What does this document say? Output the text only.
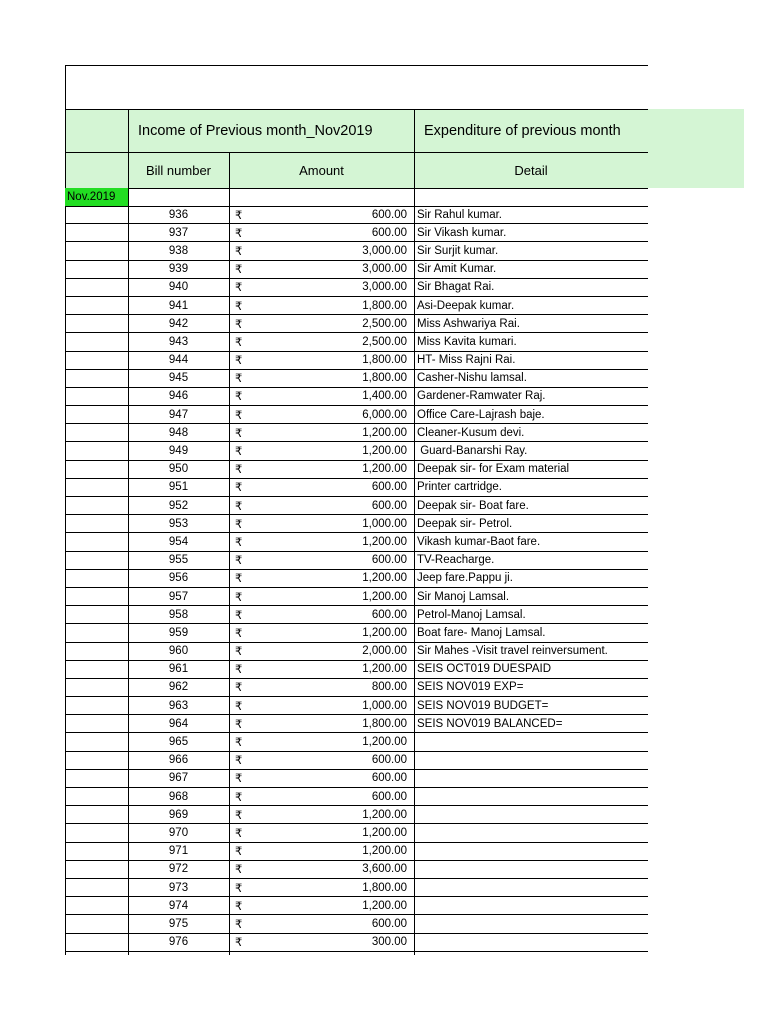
Income of Previous month_Nov2019	Expenditure of previous month
Bill number	Amount	Detail
Nov.2019
936	₹	600.00 Sir Rahul kumar.
937	₹	600.00 Sir Vikash kumar.
938	₹	3,000.00 Sir Surjit kumar.
939	₹	3,000.00 Sir Amit Kumar.
940	₹	3,000.00 Sir Bhagat Rai.
941	₹	1,800.00 Asi-Deepak kumar.
942	₹	2,500.00 Miss Ashwariya Rai.
943	₹	2,500.00 Miss Kavita kumari.
944	₹	1,800.00 HT- Miss Rajni Rai.
945	₹	1,800.00 Casher-Nishu lamsal.
946	₹	1,400.00 Gardener-Ramwater Raj.
947	₹	6,000.00 Office Care-Lajrash baje.
948	₹	1,200.00 Cleaner-Kusum devi.
949	₹	1,200.00 Guard-Banarshi Ray.
950	₹	1,200.00 Deepak sir- for Exam material
951	₹	600.00 Printer cartridge.
952	₹	600.00 Deepak sir- Boat fare.
953	₹	1,000.00 Deepak sir- Petrol.
954	₹	1,200.00 Vikash kumar-Baot fare.
955	₹	600.00 TV-Reacharge.
956	₹	1,200.00 Jeep fare.Pappu ji.
957	₹	1,200.00 Sir Manoj Lamsal.
958	₹	600.00 Petrol-Manoj Lamsal.
959	₹	1,200.00 Boat fare- Manoj Lamsal.
960	₹	2,000.00 Sir Mahes -Visit travel reinversument.
961	₹	1,200.00 SEIS OCT019 DUESPAID
962	₹	800.00 SEIS NOV019 EXP=
963	₹	1,000.00 SEIS NOV019 BUDGET=
964	₹	1,800.00 SEIS NOV019 BALANCED=
965	₹	1,200.00
966	₹	600.00
967	₹	600.00
968	₹	600.00
969	₹	1,200.00
970	₹	1,200.00
971	₹	1,200.00
972	₹	3,600.00
973	₹	1,800.00
974	₹	1,200.00
975	₹	600.00
976	₹	300.00
